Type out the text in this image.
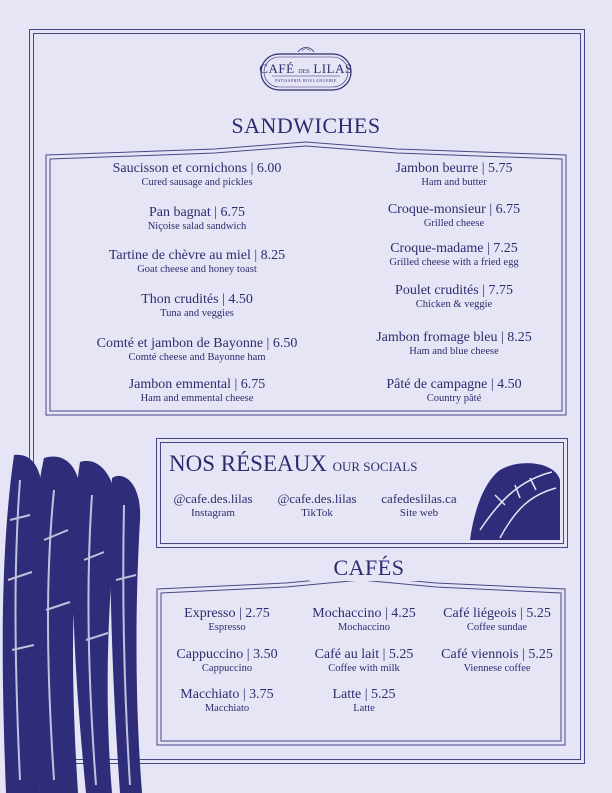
CAFÉ DES LILAS
PATISSERIE BOULANGERIE
SANDWICHES
Saucisson et cornichons | 6.00
Cured sausage and pickles
Pan bagnat | 6.75
Niçoise salad sandwich
Tartine de chèvre au miel | 8.25
Goat cheese and honey toast
Thon crudités | 4.50
Tuna and veggies
Comté et jambon de Bayonne | 6.50
Comté cheese and Bayonne ham
Jambon emmental | 6.75
Ham and emmental cheese
Jambon beurre | 5.75
Ham and butter
Croque-monsieur | 6.75
Grilled cheese
Croque-madame | 7.25
Grilled cheese with a fried egg
Poulet crudités | 7.75
Chicken & veggie
Jambon fromage bleu | 8.25
Ham and blue cheese
Pâté de campagne | 4.50
Country pâté
NOS RÉSEAUX OUR SOCIALS
@cafe.des.lilas
Instagram
@cafe.des.lilas
TikTok
cafedeslilas.ca
Site web
CAFÉS
Expresso | 2.75
Espresso
Cappuccino | 3.50
Cappuccino
Macchiato | 3.75
Macchiato
Mochaccino | 4.25
Mochaccino
Café au lait | 5.25
Coffee with milk
Latte | 5.25
Latte
Café liégeois | 5.25
Coffee sundae
Café viennois | 5.25
Viennese coffee
